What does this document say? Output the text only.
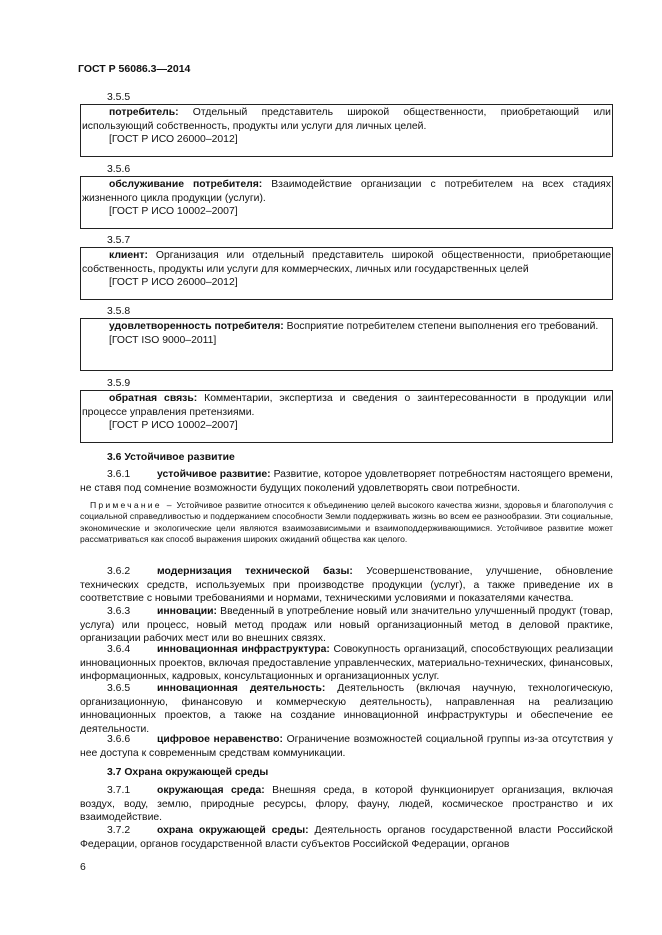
ГОСТ Р 56086.3—2014
3.5.5

потребитель: Отдельный представитель широкой общественности, приобретающий или использующий собственность, продукты или услуги для личных целей.

[ГОСТ Р ИСО 26000–2012]

3.5.6

обслуживание потребителя: Взаимодействие организации с потребителем на всех стадиях жизненного цикла продукции (услуги).

[ГОСТ Р ИСО 10002–2007]

3.5.7

клиент: Организация или отдельный представитель широкой общественности, приобретающие собственность, продукты или услуги для коммерческих, личных или государственных целей

[ГОСТ Р ИСО 26000–2012]

3.5.8

удовлетворенность потребителя: Восприятие потребителем степени выполнения его требований.

[ГОСТ ISO 9000–2011]

3.5.9

обратная связь: Комментарии, экспертиза и сведения о заинтересованности в продукции или процессе управления претензиями.

[ГОСТ Р ИСО 10002–2007]

3.6 Устойчивое развитие

3.6.1	устойчивое развитие: Развитие, которое удовлетворяет потребностям настоящего времени, не ставя под сомнение возможности будущих поколений удовлетворять свои потребности.

Примечание – Устойчивое развитие относится к объединению целей высокого качества жизни, здоровья и благополучия с социальной справедливостью и поддержанием способности Земли поддерживать жизнь во всем ее разнообразии. Эти социальные, экономические и экологические цели являются взаимозависимыми и взаимоподдерживающимися. Устойчивое развитие может рассматриваться как способ выражения широких ожиданий общества как целого.

3.6.2	модернизация технической базы: Усовершенствование, улучшение, обновление технических средств, используемых при производстве продукции (услуг), а также приведение их в соответствие с новыми требованиями и нормами, техническими условиями и показателями качества.

3.6.3	инновации: Введенный в употребление новый или значительно улучшенный продукт (товар, услуга) или процесс, новый метод продаж или новый организационный метод в деловой практике, организации рабочих мест или во внешних связях.

3.6.4	инновационная инфраструктура: Совокупность организаций, способствующих реализации инновационных проектов, включая предоставление управленческих, материально-технических, финансовых, информационных, кадровых, консультационных и организационных услуг.

3.6.5	инновационная деятельность: Деятельность (включая научную, технологическую, организационную, финансовую и коммерческую деятельность), направленная на реализацию инновационных проектов, а также на создание инновационной инфраструктуры и обеспечение ее деятельности.

3.6.6	цифровое неравенство: Ограничение возможностей социальной группы из-за отсутствия у нее доступа к современным средствам коммуникации.

3.7 Охрана окружающей среды

3.7.1	окружающая среда: Внешняя среда, в которой функционирует организация, включая воздух, воду, землю, природные ресурсы, флору, фауну, людей, космическое пространство и их взаимодействие.

3.7.2	охрана окружающей среды: Деятельность органов государственной власти Российской Федерации, органов государственной власти субъектов Российской Федерации, органов

6
